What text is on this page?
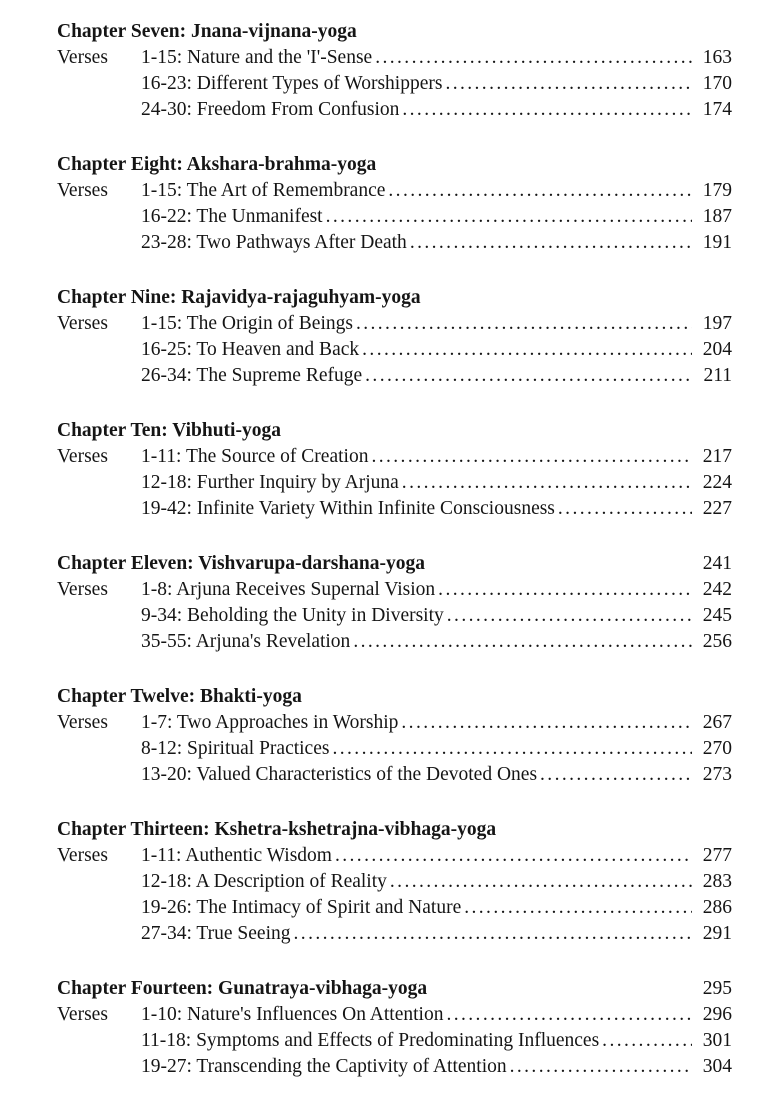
Chapter Seven: Jnana-vijnana-yoga
Verses	1-15: Nature and the 'I'-Sense .....	163
16-23: Different Types of Worshippers .....	170
24-30: Freedom From Confusion .....	174
Chapter Eight: Akshara-brahma-yoga
Verses	1-15: The Art of Remembrance .....	179
16-22: The Unmanifest .....	187
23-28: Two Pathways After Death .....	191
Chapter Nine: Rajavidya-rajaguhyam-yoga
Verses	1-15: The Origin of Beings .....	197
16-25: To Heaven and Back .....	204
26-34: The Supreme Refuge .....	211
Chapter Ten: Vibhuti-yoga
Verses	1-11: The Source of Creation .....	217
12-18: Further Inquiry by Arjuna .....	224
19-42: Infinite Variety Within Infinite Consciousness .....	227
Chapter Eleven: Vishvarupa-darshana-yoga	241
Verses	1-8: Arjuna Receives Supernal Vision .....	242
9-34: Beholding the Unity in Diversity .....	245
35-55: Arjuna's Revelation .....	256
Chapter Twelve: Bhakti-yoga
Verses	1-7: Two Approaches in Worship .....	267
8-12: Spiritual Practices .....	270
13-20: Valued Characteristics of the Devoted Ones .....	273
Chapter Thirteen: Kshetra-kshetrajna-vibhaga-yoga
Verses	1-11: Authentic Wisdom .....	277
12-18: A Description of Reality .....	283
19-26: The Intimacy of Spirit and Nature .....	286
27-34: True Seeing .....	291
Chapter Fourteen: Gunatraya-vibhaga-yoga	295
Verses	1-10: Nature's Influences On Attention .....	296
11-18: Symptoms and Effects of Predominating Influences .....	301
19-27: Transcending the Captivity of Attention .....	304
